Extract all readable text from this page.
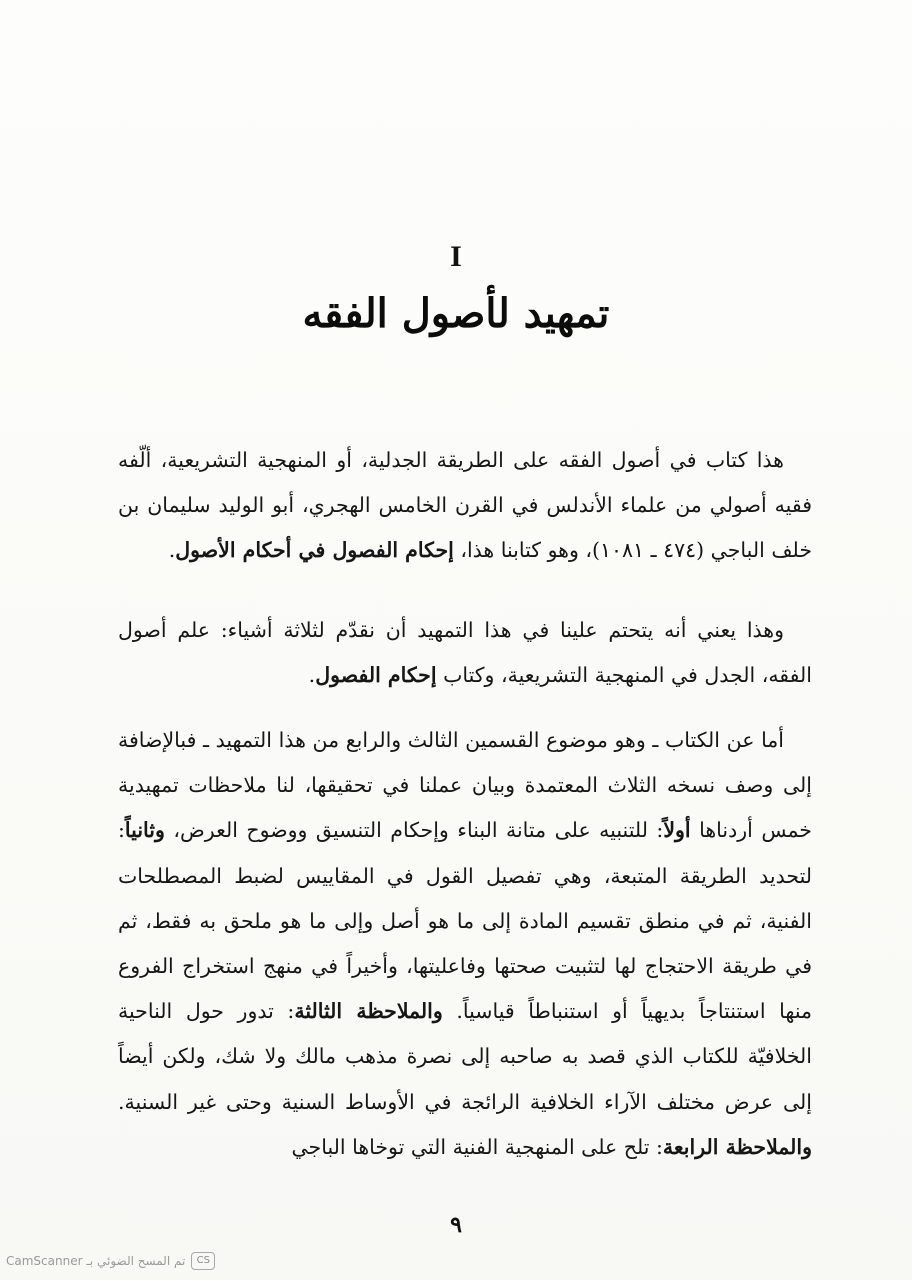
I
تمهيد لأصول الفقه

هذا كتاب في أصول الفقه على الطريقة الجدلية، أو المنهجية التشريعية، ألّفه فقيه أصولي من علماء الأندلس في القرن الخامس الهجري، أبو الوليد سليمان بن خلف الباجي (٤٧٤ ـ ١٠٨١)، وهو كتابنا هذا، إحكام الفصول في أحكام الأصول.

وهذا يعني أنه يتحتم علينا في هذا التمهيد أن نقدّم لثلاثة أشياء: علم أصول الفقه، الجدل في المنهجية التشريعية، وكتاب إحكام الفصول.

أما عن الكتاب ـ وهو موضوع القسمين الثالث والرابع من هذا التمهيد ـ فبالإضافة إلى وصف نسخه الثلاث المعتمدة وبيان عملنا في تحقيقها، لنا ملاحظات تمهيدية خمس أردناها أولاً: للتنبيه على متانة البناء وإحكام التنسيق ووضوح العرض، وثانياً: لتحديد الطريقة المتبعة، وهي تفصيل القول في المقاييس لضبط المصطلحات الفنية، ثم في منطق تقسيم المادة إلى ما هو أصل وإلى ما هو ملحق به فقط، ثم في طريقة الاحتجاج لها لتثبيت صحتها وفاعليتها، وأخيراً في منهج استخراج الفروع منها استنتاجاً بديهياً أو استنباطاً قياسياً. والملاحظة الثالثة: تدور حول الناحية الخلافيّة للكتاب الذي قصد به صاحبه إلى نصرة مذهب مالك ولا شك، ولكن أيضاً إلى عرض مختلف الآراء الخلافية الرائجة في الأوساط السنية وحتى غير السنية. والملاحظة الرابعة: تلح على المنهجية الفنية التي توخاها الباجي

٩
CS
تم المسح الضوئي بـ CamScanner
